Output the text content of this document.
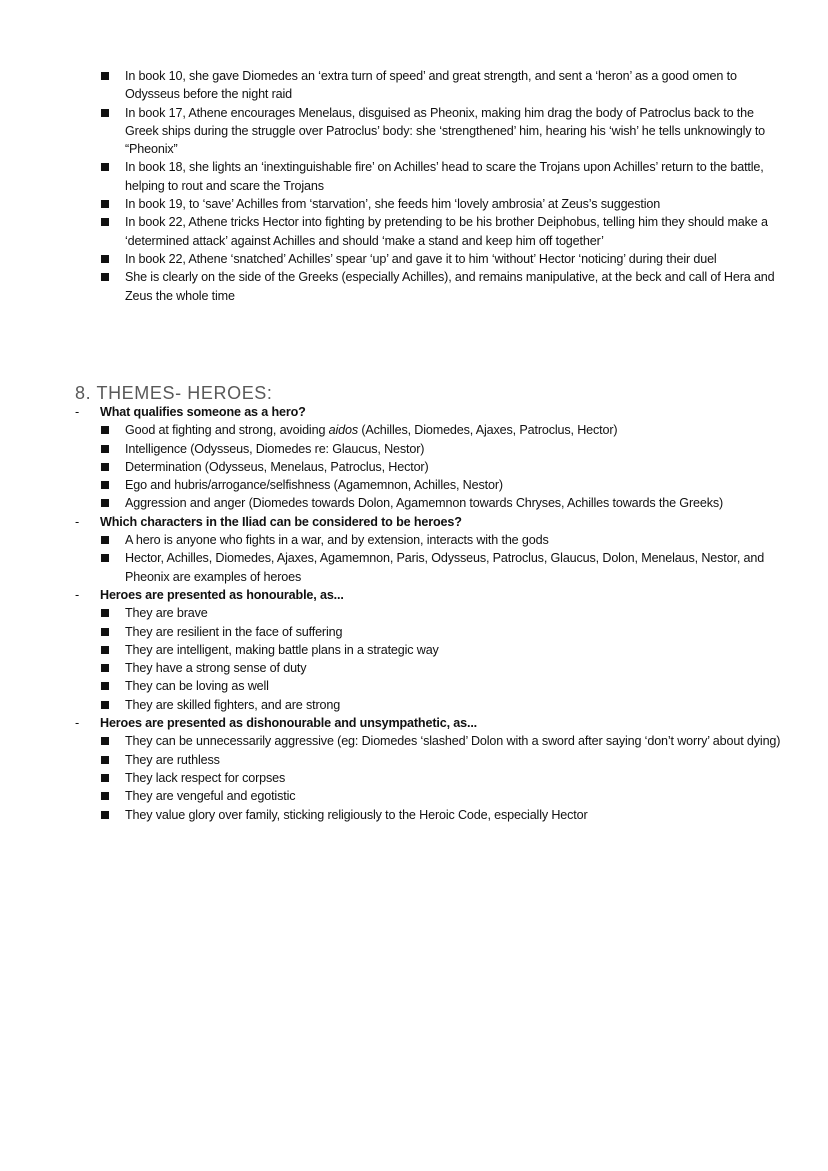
In book 10, she gave Diomedes an ‘extra turn of speed’ and great strength, and sent a ‘heron’ as a good omen to Odysseus before the night raid
In book 17, Athene encourages Menelaus, disguised as Pheonix, making him drag the body of Patroclus back to the Greek ships during the struggle over Patroclus’ body: she ‘strengthened’ him, hearing his ‘wish’ he tells unknowingly to “Pheonix”
In book 18, she lights an ‘inextinguishable fire’ on Achilles’ head to scare the Trojans upon Achilles’ return to the battle, helping to rout and scare the Trojans
In book 19, to ‘save’ Achilles from ‘starvation’, she feeds him ‘lovely ambrosia’ at Zeus’s suggestion
In book 22, Athene tricks Hector into fighting by pretending to be his brother Deiphobus, telling him they should make a ‘determined attack’ against Achilles and should ‘make a stand and keep him off together’
In book 22, Athene ‘snatched’ Achilles’ spear ‘up’ and gave it to him ‘without’ Hector ‘noticing’ during their duel
She is clearly on the side of the Greeks (especially Achilles), and remains manipulative, at the beck and call of Hera and Zeus the whole time
8. THEMES- HEROES:
- What qualifies someone as a hero?
Good at fighting and strong, avoiding aidos (Achilles, Diomedes, Ajaxes, Patroclus, Hector)
Intelligence (Odysseus, Diomedes re: Glaucus, Nestor)
Determination (Odysseus, Menelaus, Patroclus, Hector)
Ego and hubris/arrogance/selfishness (Agamemnon, Achilles, Nestor)
Aggression and anger (Diomedes towards Dolon, Agamemnon towards Chryses, Achilles towards the Greeks)
- Which characters in the Iliad can be considered to be heroes?
A hero is anyone who fights in a war, and by extension, interacts with the gods
Hector, Achilles, Diomedes, Ajaxes, Agamemnon, Paris, Odysseus, Patroclus, Glaucus, Dolon, Menelaus, Nestor, and Pheonix are examples of heroes
- Heroes are presented as honourable, as...
They are brave
They are resilient in the face of suffering
They are intelligent, making battle plans in a strategic way
They have a strong sense of duty
They can be loving as well
They are skilled fighters, and are strong
- Heroes are presented as dishonourable and unsympathetic, as...
They can be unnecessarily aggressive (eg: Diomedes ‘slashed’ Dolon with a sword after saying ‘don’t worry’ about dying)
They are ruthless
They lack respect for corpses
They are vengeful and egotistic
They value glory over family, sticking religiously to the Heroic Code, especially Hector
